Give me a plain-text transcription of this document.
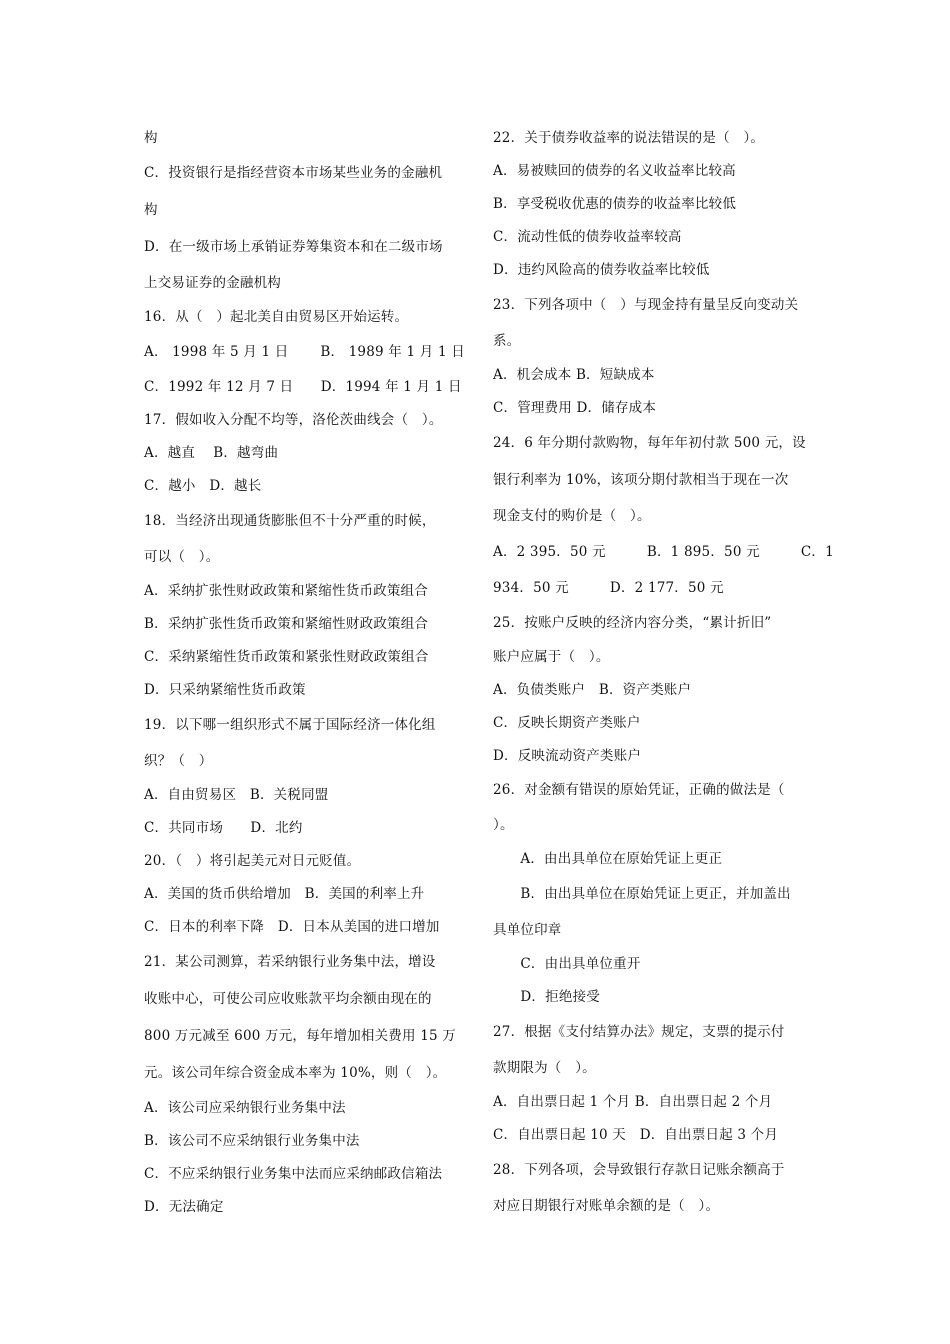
构
C．投资银行是指经营资本市场某些业务的金融机
构
D．在一级市场上承销证券筹集资本和在二级市场
上交易证券的金融机构
16．从（　）起北美自由贸易区开始运转。
A． 1998 年 5 月 1 日　　 B． 1989 年 1 月 1 日
C．1992 年 12 月 7 日　　D．1994 年 1 月 1 日
17．假如收入分配不均等，洛伦茨曲线会（　）。
A．越直　 B．越弯曲
C．越小　D．越长
18．当经济出现通货膨胀但不十分严重的时候，
可以（　）。
A．采纳扩张性财政政策和紧缩性货币政策组合
B．采纳扩张性货币政策和紧缩性财政政策组合
C．采纳紧缩性货币政策和紧张性财政政策组合
D．只采纳紧缩性货币政策
19．以下哪一组织形式不属于国际经济一体化组
织？（　）
A．自由贸易区　B．关税同盟
C．共同市场　　D．北约
20．（　）将引起美元对日元贬值。
A．美国的货币供给增加　B．美国的利率上升
C．日本的利率下降　D．日本从美国的进口增加
21．某公司测算，若采纳银行业务集中法，增设
收账中心，可使公司应收账款平均余额由现在的
800 万元减至 600 万元，每年增加相关费用 15 万
元。该公司年综合资金成本率为 10%，则（　）。
A．该公司应采纳银行业务集中法
B．该公司不应采纳银行业务集中法
C．不应采纳银行业务集中法而应采纳邮政信箱法
D．无法确定
22．关于债券收益率的说法错误的是（　）。
A．易被赎回的债券的名义收益率比较高
B．享受税收优惠的债券的收益率比较低
C．流动性低的债券收益率较高
D．违约风险高的债券收益率比较低
23．下列各项中（　）与现金持有量呈反向变动关
系。
A．机会成本 B．短缺成本
C．管理费用 D．储存成本
24．6 年分期付款购物，每年年初付款 500 元，设
银行利率为 10%，该项分期付款相当于现在一次
现金支付的购价是（　）。
A．2 395．50 元　　　B．1 895．50 元　　　C．1
934．50 元　　　D．2 177．50 元
25．按账户反映的经济内容分类，“累计折旧”
账户应属于（　）。
A．负债类账户　B．资产类账户
C．反映长期资产类账户
D．反映流动资产类账户
26．对金额有错误的原始凭证，正确的做法是（
）。
　　A．由出具单位在原始凭证上更正
　　B．由出具单位在原始凭证上更正，并加盖出
具单位印章
　　C．由出具单位重开
　　D．拒绝接受
27．根据《支付结算办法》规定，支票的提示付
款期限为（　）。
A．自出票日起 1 个月 B．自出票日起 2 个月
C．自出票日起 10 天　D．自出票日起 3 个月
28．下列各项，会导致银行存款日记账余额高于
对应日期银行对账单余额的是（　）。
